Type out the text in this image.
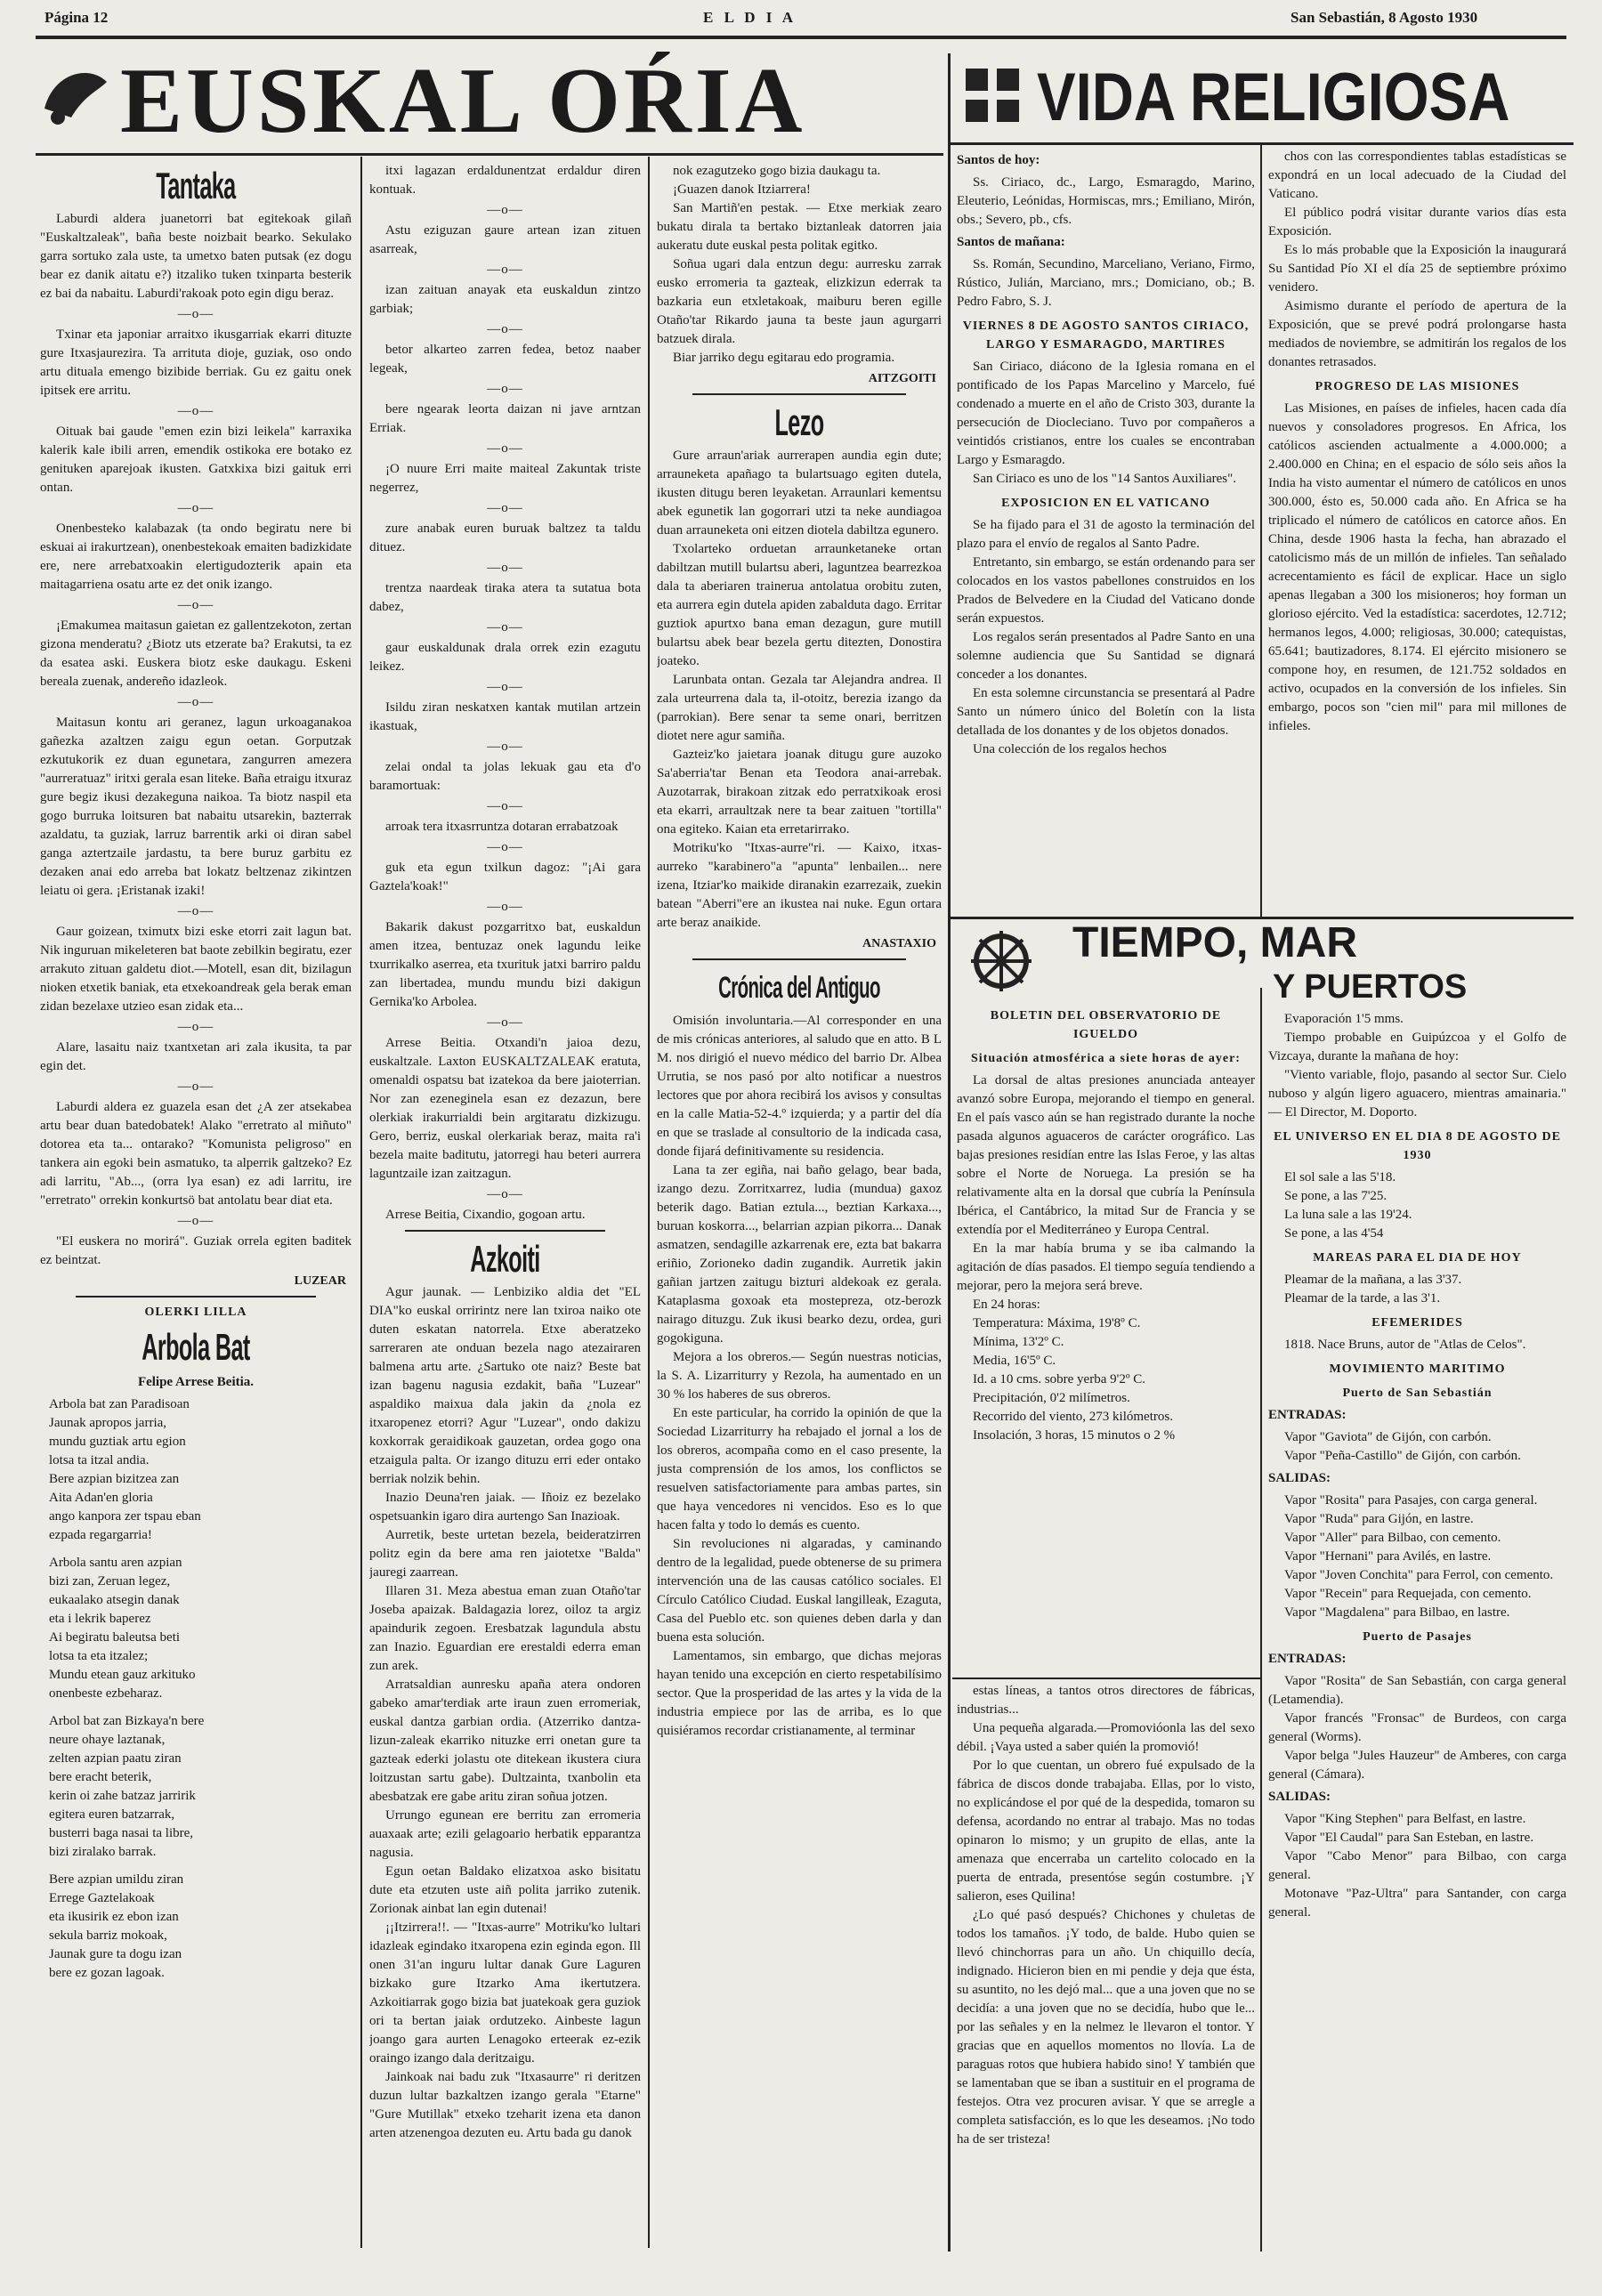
Página 12	E L D I A	San Sebastián, 8 Agosto 1930
EUSKAL OŔIA
Tantaka

Laburdi aldera juanetorri bat egitekoak gilañ "Euskaltzaleak", baña beste noizbait bearko. Sekulako garra sortuko zala uste, ta umetxo baten putsak (ez dogu bear ez danik aitatu e?) itzaliko tuken txinparta besterik ez bai da nabaitu. Laburdi'rakoak poto egin digu beraz.

—o—

Txinar eta japoniar arraitxo ikusgarriak ekarri dituzte gure Itxasjaurezira. Ta arrituta dioje, guziak, oso ondo artu dituala emengo bizibide berriak. Gu ez gaitu onek ipitsek ere arritu.

—o—

Oituak bai gaude "emen ezin bizi leikela" karraxika kalerik kale ibili arren, emendik ostikoka ere botako ez genituken aparejoak ikusten. Gatxkixa bizi gaituk erri ontan.

—o—

Onenbesteko kalabazak (ta ondo begiratu nere bi eskuai ai irakurtzean), onenbestekoak emaiten badizkidate ere, nere arrebatxoakin elertigudozterik apain eta maitagarriena osatu arte ez det onik izango.

—o—

¡Emakumea maitasun gaietan ez gallentzekoton, zertan gizona menderatu? ¿Biotz uts etzerate ba? Erakutsi, ta ez da esatea aski. Euskera biotz eske daukagu. Eskeni bereala zuenak, andereño idazleok.

—o—

Maitasun kontu ari geranez, lagun urkoaganakoa gañezka azaltzen zaigu egun oetan. Gorputzak ezkutukorik ez duan egunetara, zangurren amezera "aurreratuaz" iritxi gerala esan liteke. Baña etraigu itxuraz gure begiz ikusi dezakeguna naikoa. Ta biotz naspil eta gogo burruka loitsuren bat nabaitu utsarekin, bazterrak azaldatu, ta guziak, larruz barrentik arki oi diran sabel ganga aztertzaile jardastu, ta bere buruz garbitu ez dezaken anai edo arreba bat lokatz beltzenaz zikintzen leiatu oi gera. ¡Eristanak izaki!

—o—

Gaur goizean, tximutx bizi eske etorri zait lagun bat. Nik inguruan mikeleteren bat baote zebilkin begiratu, ezer arrakuto zituan galdetu diot.—Motell, esan dit, bizilagun nioken etxetik baniak, eta etxekoandreak gela berak eman zidan bezelaxe utzieo esan zidak eta...

—o—

Alare, lasaitu naiz txantxetan ari zala ikusita, ta par egin det.

—o—

Laburdi aldera ez guazela esan det ¿A zer atsekabea artu bear duan batedobatek! Alako "erretrato al miñuto" dotorea eta ta... ontarako? "Komunista peligroso" en tankera ain egoki bein asmatuko, ta alperrik galtzeko? Ez adi larritu, "Ab..., (orra lya esan) ez adi larritu, ire "erretrato" orrekin konkurtsö bat antolatu bear diat eta.

—o—

"El euskera no morirá". Guziak orrela egiten baditek ez beintzat.

LUZEAR
OLERKI LILLA
Arbola Bat
Felipe Arrese Beitia.
Arbola bat zan Paradisoan
Jaunak apropos jarria,
mundu guztiak artu egion
lotsa ta itzal andia.
Bere azpian bizitzea zan
Aita Adan'en gloria
ango kanpora zer tspau eban
ezpada regargarria!
Arbola santu aren azpian
bizi zan, Zeruan legez,
eukaalako atsegin danak
eta i lekrik baperez
Ai begiratu baleutsa beti
lotsa ta eta itzalez;
Mundu etean gauz arkituko
onenbeste ezbeharaz.
Arbol bat zan Bizkaya'n bere
neure ohaye laztanak,
zelten azpian paatu ziran
bere eracht beterik,
kerin oi zahe batzaz jarririk
egitera euren batzarrak,
busterri baga nasai ta libre,
bizi ziralako barrak.
Bere azpian umildu ziran
Errege Gaztelakoak
eta ikusirik ez ebon izan
sekula barriz mokoak,
Jaunak gure ta dogu izan
bere ez gozan lagoak.

itxi lagazan erdaldunentzat erdaldur diren kontuak.

—o—

Astu eziguzan gaure artean izan zituen asarreak,

—o—

izan zaituan anayak eta euskaldun zintzo garbiak;

—o—

betor alkarteo zarren fedea, betoz naaber legeak,

—o—

bere ngearak leorta daizan ni jave arntzan Erriak.

—o—

¡O nuure Erri maite maiteal Zakuntak triste negerrez,

—o—

zure anabak euren buruak baltzez ta taldu dituez.

—o—

trentza naardeak tiraka atera ta sutatua bota dabez,

—o—

gaur euskaldunak drala orrek ezin ezagutu leikez.

—o—

Isildu ziran neskatxen kantak mutilan artzein ikastuak,

—o—

zelai ondal ta jolas lekuak gau eta d'o baramortuak:

—o—

arroak tera itxasrruntza dotaran errabatzoak

—o—

guk eta egun txilkun dagoz: "¡Ai gara Gaztela'koak!"

—o—

Bakarik dakust pozgarritxo bat, euskaldun amen itzea, bentuzaz onek lagundu leike txurrikalko aserrea, eta txurituk jatxi barriro paldu zan libertadea, mundu mundu bizi dakigun Gernika'ko Arbolea.

—o—

Arrese Beitia. Otxandi'n jaioa dezu, euskaltzale. Laxton EUSKALTZALEAK eratuta, omenaldi ospatsu bat izatekoa da bere jaioterrian. Nor zan ezeneginela esan ez dezazun, bere olerkiak irakurrialdi bein argitaratu dizkizugu. Gero, berriz, euskal olerkariak beraz, maita ra'i bezela maite baditutu, jatorregi hau beteri aurrera laguntzaile izan zaitzagun.

—o—

Arrese Beitia, Cixandio, gogoan artu.

Azkoiti

Agur jaunak. — Lenbiziko aldia det "EL DIA"ko euskal orririntz nere lan txiroa naiko ote duten eskatan natorrela. Etxe aberatzeko sarreraren ate onduan bezela nago atezairaren balmena artu arte. ¿Sartuko ote naiz? Beste bat izan bagenu nagusia ezdakit, baña "Luzear" aspaldiko maixua dala jakin da ¿nola ez itxaropenez etorri? Agur "Luzear", ondo dakizu koxkorrak geraidikoak gauzetan, ordea gogo ona etzaigula palta. Or izango dituzu erri eder ontako berriak nolzik behin.

Inazio Deuna'ren jaiak. — Iñoiz ez bezelako ospetsuankin igaro dira aurtengo San Inazioak.

Aurretik, beste urtetan bezela, beideratzirren politz egin da bere ama ren jaiotetxe "Balda" jauregi zaarrean.

Illaren 31. Meza abestua eman zuan Otaño'tar Joseba apaizak. Baldagazia lorez, oiloz ta argiz apaindurik zegoen. Eresbatzak lagundula abstu zan Inazio. Eguardian ere erestaldi ederra eman zun arek.

Arratsaldian aunresku apaña atera ondoren gabeko amar'terdiak arte iraun zuen erromeriak, euskal dantza garbian ordia. (Atzerriko dantza-lizun-zaleak ekarriko nituzke erri onetan gure ta gazteak ederki jolastu ote ditekean ikustera ciura loitzustan sartu gabe). Dultzainta, txanbolin eta abesbatzak ere gabe aritu ziran soñua jotzen.

Urrungo egunean ere berritu zan erromeria auaxaak arte; ezili gelagoario herbatik epparantza nagusia.

Egun oetan Baldako elizatxoa asko bisitatu dute eta etzuten uste aiñ polita jarriko zutenik. Zorionak ainbat lan egin dutenai!

¡¡Itzirrera!!. — "Itxas-aurre" Motriku'ko lultari idazleak egindako itxaropena ezin eginda egon. Ill onen 31'an inguru lultar danak Gure Laguren bizkako gure Itzarko Ama ikertutzera. Azkoitiarrak gogo bizia bat juatekoak gera guziok ori ta bertan jaiak ordutzeko. Ainbeste lagun joango gara aurten Lenagoko erteerak ez-ezik oraingo izango dala deritzaigu.

Jainkoak nai badu zuk "Itxasaurre" ri deritzen duzun lultar bazkaltzen izango gerala "Etarne" "Gure Mutillak" etxeko tzeharit izena eta danon arten atzenengoa dezuten eu. Artu bada gu danok

nok ezagutzeko gogo bizia daukagu ta.

¡Guazen danok Itziarrera!

San Martiñ'en pestak. — Etxe merkiak zearo bukatu dirala ta bertako biztanleak datorren jaia aukeratu dute euskal pesta politak egitko.

Soñua ugari dala entzun degu: aurresku zarrak eusko erromeria ta gazteak, elizkizun ederrak ta bazkaria eun etxletakoak, maiburu beren egille Otaño'tar Rikardo jauna ta beste jaun agurgarri batzuek dirala.

Biar jarriko degu egitarau edo programia.

AITZGOITI
Lezo

Gure arraun'ariak aurrerapen aundia egin dute; arrauneketa apañago ta bulartsuago egiten dutela, ikusten ditugu beren leyaketan. Arraunlari kementsu abek egunetik lan gogorrari utzi ta neke aundiagoa duan arrauneketa oni eitzen diotela dabiltza egunero.

Txolarteko orduetan arraunketaneke ortan dabiltzan mutill bulartsu aberi, laguntzea bearrezkoa dala ta aberiaren trainerua antolatua orobitu zuten, eta aurrera egin dutela apiden zabalduta dago. Erritar guztiok apurtxo bana eman dezagun, gure mutill bulartsu abek bear bezela gertu ditezten, Donostira joateko.

Larunbata ontan. Gezala tar Alejandra andrea. Il zala urteurrena dala ta, il-otoitz, berezia izango da (parrokian). Bere senar ta seme onari, berritzen diotet nere agur samiña.

Gazteiz'ko jaietara joanak ditugu gure auzoko Sa'aberria'tar Benan eta Teodora anai-arrebak. Auzotarrak, birakoan zitzak edo perratxikoak erosi eta ekarri, arraultzak nere ta bear zaituen "tortilla" ona egiteko. Kaian eta erretarirrako.

Motriku'ko "Itxas-aurre"ri. — Kaixo, itxas-aurreko "karabinero"a "apunta" lenbailen... nere izena, Itziar'ko maikide diranakin ezarrezaik, zuekin batean "Aberri"ere an ikustea nai nuke. Egun ortara arte beraz anaikide.

ANASTAXIO
Crónica del Antiguo

Omisión involuntaria.—Al corresponder en una de mis crónicas anteriores, al saludo que en atto. B L M. nos dirigió el nuevo médico del barrio Dr. Albea Urrutia, se nos pasó por alto notificar a nuestros lectores que por ahora recibirá los avisos y consultas en la calle Matia-52-4.º izquierda; y a partir del día en que se traslade al consultorio de la indicada casa, donde fijará definitivamente su residencia.

Lana ta zer egiña, nai baño gelago, bear bada, izango dezu. Zorritxarrez, ludia (mundua) gaxoz beterik dago. Batian eztula..., beztian Karkaxa..., buruan koskorra..., belarrian azpian pikorra... Danak asmatzen, sendagille azkarrenak ere, ezta bat bakarra eriñio, Zorioneko dadin zugandik. Aurretik jakin gañian jartzen zaitugu bizturi aldekoak ez gerala. Kataplasma goxoak eta mostepreza, otz-berozk nairago dituzgu. Zuk ikusi bearko dezu, ordea, guri gogokiguna.

Mejora a los obreros.— Según nuestras noticias, la S. A. Lizarriturry y Rezola, ha aumentado en un 30 % los haberes de sus obreros.

En este particular, ha corrido la opinión de que la Sociedad Lizarriturry ha rebajado el jornal a los de los obreros, acompaña como en el caso presente, la justa comprensión de los amos, los conflictos se resuelven satisfactoriamente para ambas partes, sin que haya vencedores ni vencidos. Eso es lo que hacen falta y todo lo demás es cuento.

Sin revoluciones ni algaradas, y caminando dentro de la legalidad, puede obtenerse de su primera intervención una de las causas católico sociales. El Círculo Católico Ciudad. Euskal langilleak, Ezaguta, Casa del Pueblo etc. son quienes deben darla y dan buena esta solución.

Lamentamos, sin embargo, que dichas mejoras hayan tenido una excepción en cierto respetabilísimo sector. Que la prosperidad de las artes y la vida de la industria empiece por las de arriba, es lo que quisiéramos recordar cristianamente, al terminar

estas líneas, a tantos otros directores de fábricas, industrias...

Una pequeña algarada.—Promovióonla las del sexo débil. ¡Vaya usted a saber quién la promovió!

Por lo que cuentan, un obrero fué expulsado de la fábrica de discos donde trabajaba. Ellas, por lo visto, no explicándose el por qué de la despedida, tomaron su defensa, acordando no entrar al trabajo. Mas no todas opinaron lo mismo; y un grupito de ellas, ante la amenaza que encerraba un cartelito colocado en la puerta de entrada, presentóse según costumbre. ¡Y salieron, eses Quilina!

¿Lo qué pasó después? Chichones y chuletas de todos los tamaños. ¡Y todo, de balde. Hubo quien se llevó chinchorras para un año. Un chiquillo decía, indignado. Hicieron bien en mi pendie y deja que ésta, su asuntito, no les dejó mal... que a una joven que no se decidía: a una joven que no se decidía, hubo que le... por las señales y en la nelmez le llevaron el tontor. Y gracias que en aquellos momentos no llovía. La de paraguas rotos que hubiera habido sino! Y también que se lamentaban que se iban a sustituir en el programa de festejos. Otra vez procuren avisar. Y que se arregle a completa satisfacción, es lo que les deseamos. ¡No todo ha de ser tristeza!

VIDA RELIGIOSA
Santos de hoy:

Ss. Ciriaco, dc., Largo, Esmaragdo, Marino, Eleuterio, Leónidas, Hormiscas, mrs.; Emiliano, Mirón, obs.; Severo, pb., cfs.

Santos de mañana:

Ss. Román, Secundino, Marceliano, Veriano, Firmo, Rústico, Julián, Marciano, mrs.; Domiciano, ob.; B. Pedro Fabro, S. J.

VIERNES 8 DE AGOSTO SANTOS CIRIACO, LARGO Y ESMARAGDO, MARTIRES

San Ciriaco, diácono de la Iglesia romana en el pontificado de los Papas Marcelino y Marcelo, fué condenado a muerte en el año de Cristo 303, durante la persecución de Diocleciano. Tuvo por compañeros a veintidós cristianos, entre los cuales se encontraban Largo y Esmaragdo.

San Ciriaco es uno de los "14 Santos Auxiliares".

EXPOSICION EN EL VATICANO

Se ha fijado para el 31 de agosto la terminación del plazo para el envío de regalos al Santo Padre.

Entretanto, sin embargo, se están ordenando para ser colocados en los vastos pabellones construidos en los Prados de Belvedere en la Ciudad del Vaticano donde serán expuestos.

Los regalos serán presentados al Padre Santo en una solemne audiencia que Su Santidad se dignará conceder a los donantes.

En esta solemne circunstancia se presentará al Padre Santo un número único del Boletín con la lista detallada de los donantes y de los objetos donados.

Una colección de los regalos hechos

chos con las correspondientes tablas estadísticas se expondrá en un local adecuado de la Ciudad del Vaticano.

El público podrá visitar durante varios días esta Exposición.

Es lo más probable que la Exposición la inaugurará Su Santidad Pío XI el día 25 de septiembre próximo venidero.

Asimismo durante el período de apertura de la Exposición, que se prevé podrá prolongarse hasta mediados de noviembre, se admitirán los regalos de los donantes retrasados.

PROGRESO DE LAS MISIONES

Las Misiones, en países de infieles, hacen cada día nuevos y consoladores progresos. En Africa, los católicos ascienden actualmente a 4.000.000; a 2.400.000 en China; en el espacio de sólo seis años la India ha visto aumentar el número de católicos en unos 300.000, ésto es, 50.000 cada año. En Africa se ha triplicado el número de católicos en catorce años. En China, desde 1906 hasta la fecha, han abrazado el catolicismo más de un millón de infieles. Tan señalado acrecentamiento es fácil de explicar. Hace un siglo apenas llegaban a 300 los misioneros; hoy forman un glorioso ejército. Ved la estadística: sacerdotes, 12.712; hermanos legos, 4.000; religiosas, 30.000; catequistas, 65.641; bautizadores, 8.174. El ejército misionero se compone hoy, en resumen, de 121.752 soldados en activo, ocupados en la conversión de los infieles. Sin embargo, pocos son "cien mil" para mil millones de infieles.

TIEMPO, MAR
Y PUERTOS
BOLETIN DEL OBSERVATORIO DE IGUELDO
Situación atmosférica a siete horas de ayer:

La dorsal de altas presiones anunciada anteayer avanzó sobre Europa, mejorando el tiempo en general. En el país vasco aún se han registrado durante la noche pasada algunos aguaceros de carácter orográfico. Las bajas presiones residían entre las Islas Feroe, y las altas sobre el Norte de Noruega. La presión se ha relativamente alta en la dorsal que cubría la Península Ibérica, el Cantábrico, la mitad Sur de Francia y se extendía por el Mediterráneo y Europa Central.

En la mar había bruma y se iba calmando la agitación de días pasados. El tiempo seguía tendiendo a mejorar, pero la mejora será breve.

En 24 horas:

Temperatura: Máxima, 19'8º C.
Mínima, 13'2º C.
Media, 16'5º C.
Id. a 10 cms. sobre yerba 9'2º C.
Precipitación, 0'2 milímetros.
Recorrido del viento, 273 kilómetros.
Insolación, 3 horas, 15 minutos o 2 %

Evaporación 1'5 mms.

Tiempo probable en Guipúzcoa y el Golfo de Vizcaya, durante la mañana de hoy:

"Viento variable, flojo, pasando al sector Sur. Cielo nuboso y algún ligero aguacero, mientras amainaria." — El Director, M. Doporto.

EL UNIVERSO EN EL DIA 8 DE AGOSTO DE 1930
El sol sale a las 5'18.
Se pone, a las 7'25.
La luna sale a las 19'24.
Se pone, a las 4'54
MAREAS PARA EL DIA DE HOY
Pleamar de la mañana, a las 3'37.
Pleamar de la tarde, a las 3'1.
EFEMERIDES

1818. Nace Bruns, autor de "Atlas de Celos".

MOVIMIENTO MARITIMO
Puerto de San Sebastián
ENTRADAS:

Vapor "Gaviota" de Gijón, con carbón.

Vapor "Peña-Castillo" de Gijón, con carbón.

SALIDAS:

Vapor "Rosita" para Pasajes, con carga general.

Vapor "Ruda" para Gijón, en lastre.

Vapor "Aller" para Bilbao, con cemento.

Vapor "Hernani" para Avilés, en lastre.

Vapor "Joven Conchita" para Ferrol, con cemento.

Vapor "Recein" para Requejada, con cemento.

Vapor "Magdalena" para Bilbao, en lastre.

Puerto de Pasajes
ENTRADAS:

Vapor "Rosita" de San Sebastián, con carga general (Letamendia).

Vapor francés "Fronsac" de Burdeos, con carga general (Worms).

Vapor belga "Jules Hauzeur" de Amberes, con carga general (Cámara).

SALIDAS:

Vapor "King Stephen" para Belfast, en lastre.

Vapor "El Caudal" para San Esteban, en lastre.

Vapor "Cabo Menor" para Bilbao, con carga general.

Motonave "Paz-Ultra" para Santander, con carga general.
